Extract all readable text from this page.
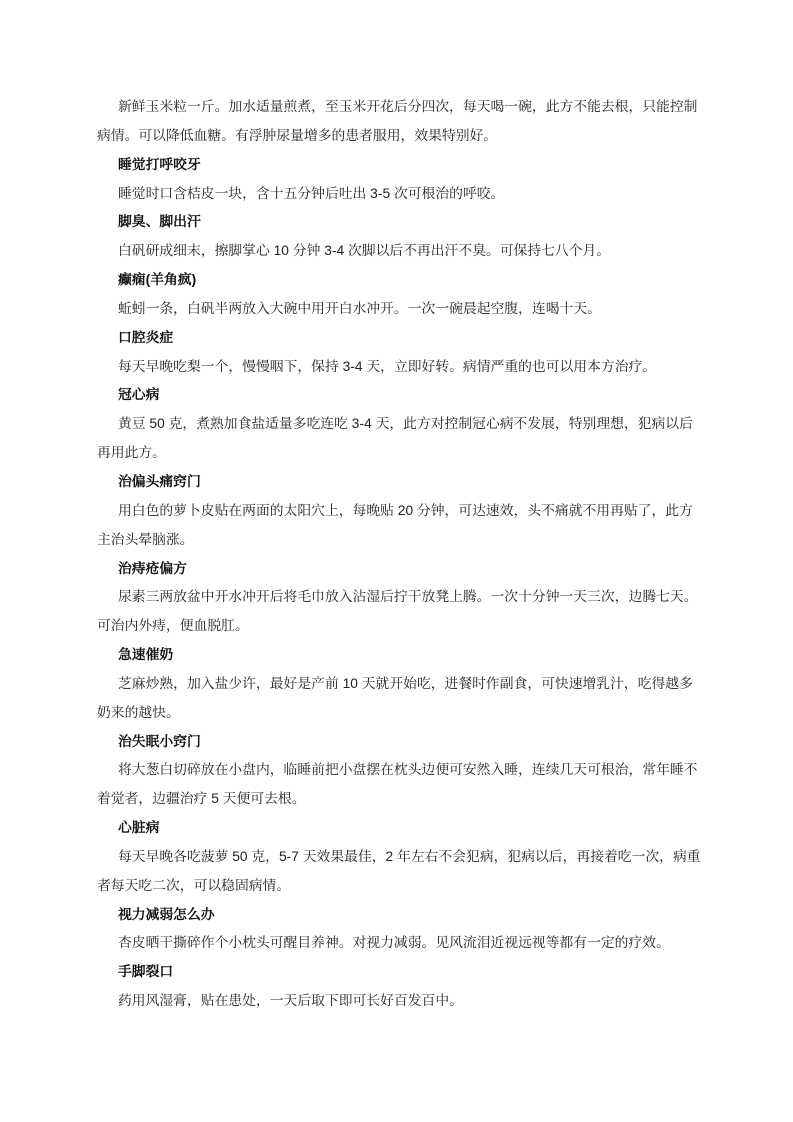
新鲜玉米粒一斤。加水适量煎煮，至玉米开花后分四次，每天喝一碗，此方不能去根，只能控制
病情。可以降低血糖。有浮肿尿量增多的患者服用，效果特别好。
睡觉打呼咬牙
睡觉时口含桔皮一块，含十五分钟后吐出 3-5 次可根治的呼咬。
脚臭、脚出汗
白矾研成细末，擦脚掌心 10 分钟 3-4 次脚以后不再出汗不臭。可保持七八个月。
癫痫(羊角疯)
蚯蚓一条，白矾半两放入大碗中用开白水冲开。一次一碗晨起空腹，连喝十天。
口腔炎症
每天早晚吃梨一个，慢慢咽下，保持 3-4 天，立即好转。病情严重的也可以用本方治疗。
冠心病
黄豆 50 克，煮熟加食盐适量多吃连吃 3-4 天，此方对控制冠心病不发展，特别理想，犯病以后
再用此方。
治偏头痛窍门
用白色的萝卜皮贴在两面的太阳穴上，每晚贴 20 分钟，可达速效，头不痛就不用再贴了，此方
主治头晕脑涨。
治痔疮偏方
尿素三两放盆中开水冲开后将毛巾放入沾湿后拧干放凳上腾。一次十分钟一天三次，边腾七天。
可治内外痔，便血脱肛。
急速催奶
芝麻炒熟，加入盐少许，最好是产前 10 天就开始吃，进餐时作副食，可快速增乳汁，吃得越多
奶来的越快。
治失眠小窍门
将大葱白切碎放在小盘内，临睡前把小盘摆在枕头边便可安然入睡，连续几天可根治，常年睡不
着觉者，边疆治疗 5 天便可去根。
心脏病
每天早晚各吃菠萝 50 克，5-7 天效果最佳，2 年左右不会犯病，犯病以后，再接着吃一次，病重
者每天吃二次，可以稳固病情。
视力减弱怎么办
杏皮晒干撕碎作个小枕头可醒目养神。对视力减弱。见风流泪近视远视等都有一定的疗效。
手脚裂口
药用风湿膏，贴在患处，一天后取下即可长好百发百中。
